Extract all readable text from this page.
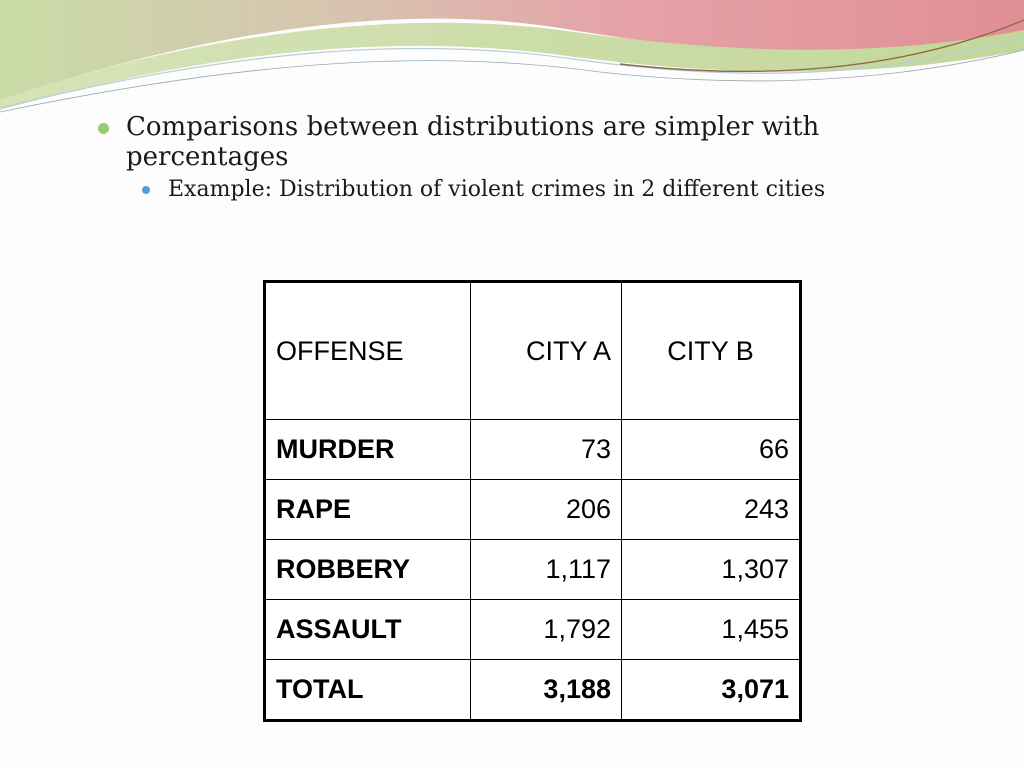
Comparisons between distributions are simpler with percentages
Example: Distribution of violent crimes in 2 different cities
OFFENSE	CITY A	CITY B
MURDER	73	66
RAPE	206	243
ROBBERY	1,117	1,307
ASSAULT	1,792	1,455
TOTAL	3,188	3,071
